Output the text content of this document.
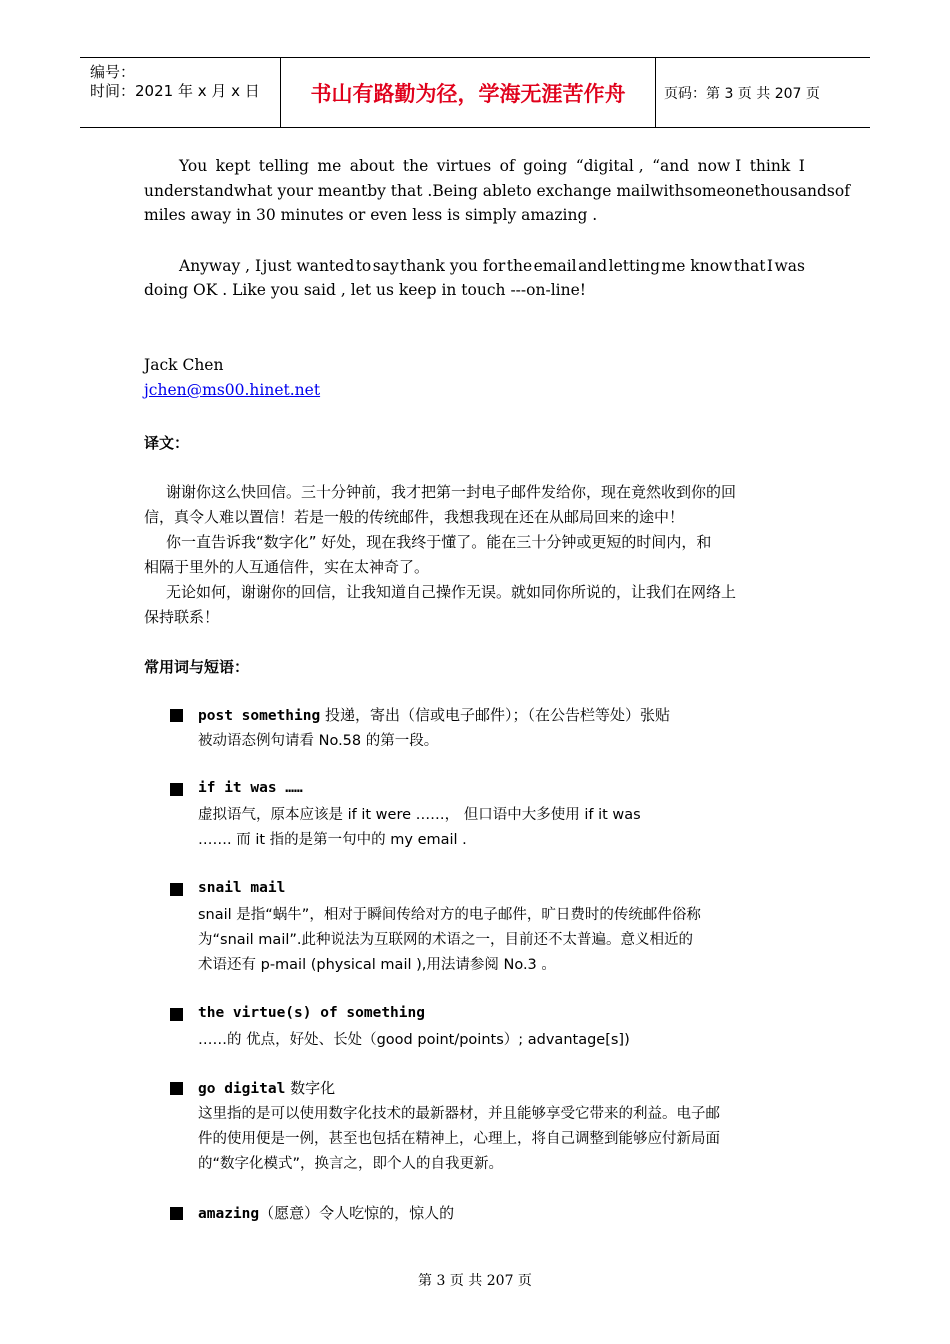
编号：
时间：2021 年 x 月 x 日 书山有路勤为径，学海无涯苦作舟	页码：第 3 页 共 207 页
You kept telling me about the virtues of going “digital , “and now I think I
understand what your meant by that . Being able to exchange mail with someone thousands of
miles away in 30 minutes or even less is simply amazing .
Anyway , I just wanted to say thank you for the email and letting me know that I was
doing OK . Like you said , let us keep in touch ---on-line!
Jack Chen
jchen@ms00.hinet.net
译文：
谢谢你这么快回信。三十分钟前，我才把第一封电子邮件发给你，现在竟然收到你的回
信，真令人难以置信！若是一般的传统邮件，我想我现在还在从邮局回来的途中！
你一直告诉我“数字化” 好处，现在我终于懂了。能在三十分钟或更短的时间内，和
相隔于里外的人互通信件，实在太神奇了。
无论如何，谢谢你的回信，让我知道自己操作无误。就如同你所说的，让我们在网络上
保持联系！
常用词与短语：
post something 投递，寄出（信或电子邮件）；（在公告栏等处）张贴
被动语态例句请看 No.58 的第一段。
if it was ……
虚拟语气，原本应该是 if it were ……， 但口语中大多使用 if it was
……. 而 it 指的是第一句中的 my email .
snail mail
snail 是指“蜗牛”，相对于瞬间传给对方的电子邮件，旷日费时的传统邮件俗称
为“snail mail”.此种说法为互联网的术语之一，目前还不太普遍。意义相近的
术语还有 p-mail (physical mail ),用法请参阅 No.3 。
the virtue(s) of something
……的 优点，好处、长处（good point/points）; advantage[s])
go digital 数字化
这里指的是可以使用数字化技术的最新器材，并且能够享受它带来的利益。电子邮
件的使用便是一例，甚至也包括在精神上，心理上，将自己调整到能够应付新局面
的“数字化模式”，换言之，即个人的自我更新。
amazing（愿意）令人吃惊的，惊人的
第 3 页 共 207 页
